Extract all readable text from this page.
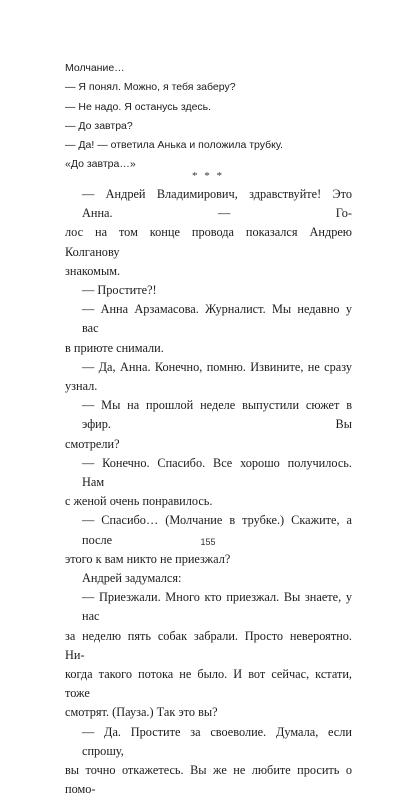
Молчание…

— Я понял. Можно, я тебя заберу?

— Не надо. Я останусь здесь.

— До завтра?

— Да! — ответила Анька и положила трубку.

«До завтра…»

* * *
— Андрей Владимирович, здравствуйте! Это Анна. — Го-
лос на том конце провода показался Андрею Колганову
знакомым.
— Простите?!
— Анна Арзамасова. Журналист. Мы недавно у вас
в приюте снимали.
— Да, Анна. Конечно, помню. Извините, не сразу
узнал.
— Мы на прошлой неделе выпустили сюжет в эфир. Вы
смотрели?
— Конечно. Спасибо. Все хорошо получилось. Нам
с женой очень понравилось.
— Спасибо… (Молчание в трубке.) Скажите, а после
этого к вам никто не приезжал?
Андрей задумался:
— Приезжали. Много кто приезжал. Вы знаете, у нас
за неделю пять собак забрали. Просто невероятно. Ни-
когда такого потока не было. И вот сейчас, кстати, тоже
смотрят. (Пауза.) Так это вы?
— Да. Простите за своеволие. Думала, если спрошу,
вы точно откажетесь. Вы же не любите просить о помо-
155
